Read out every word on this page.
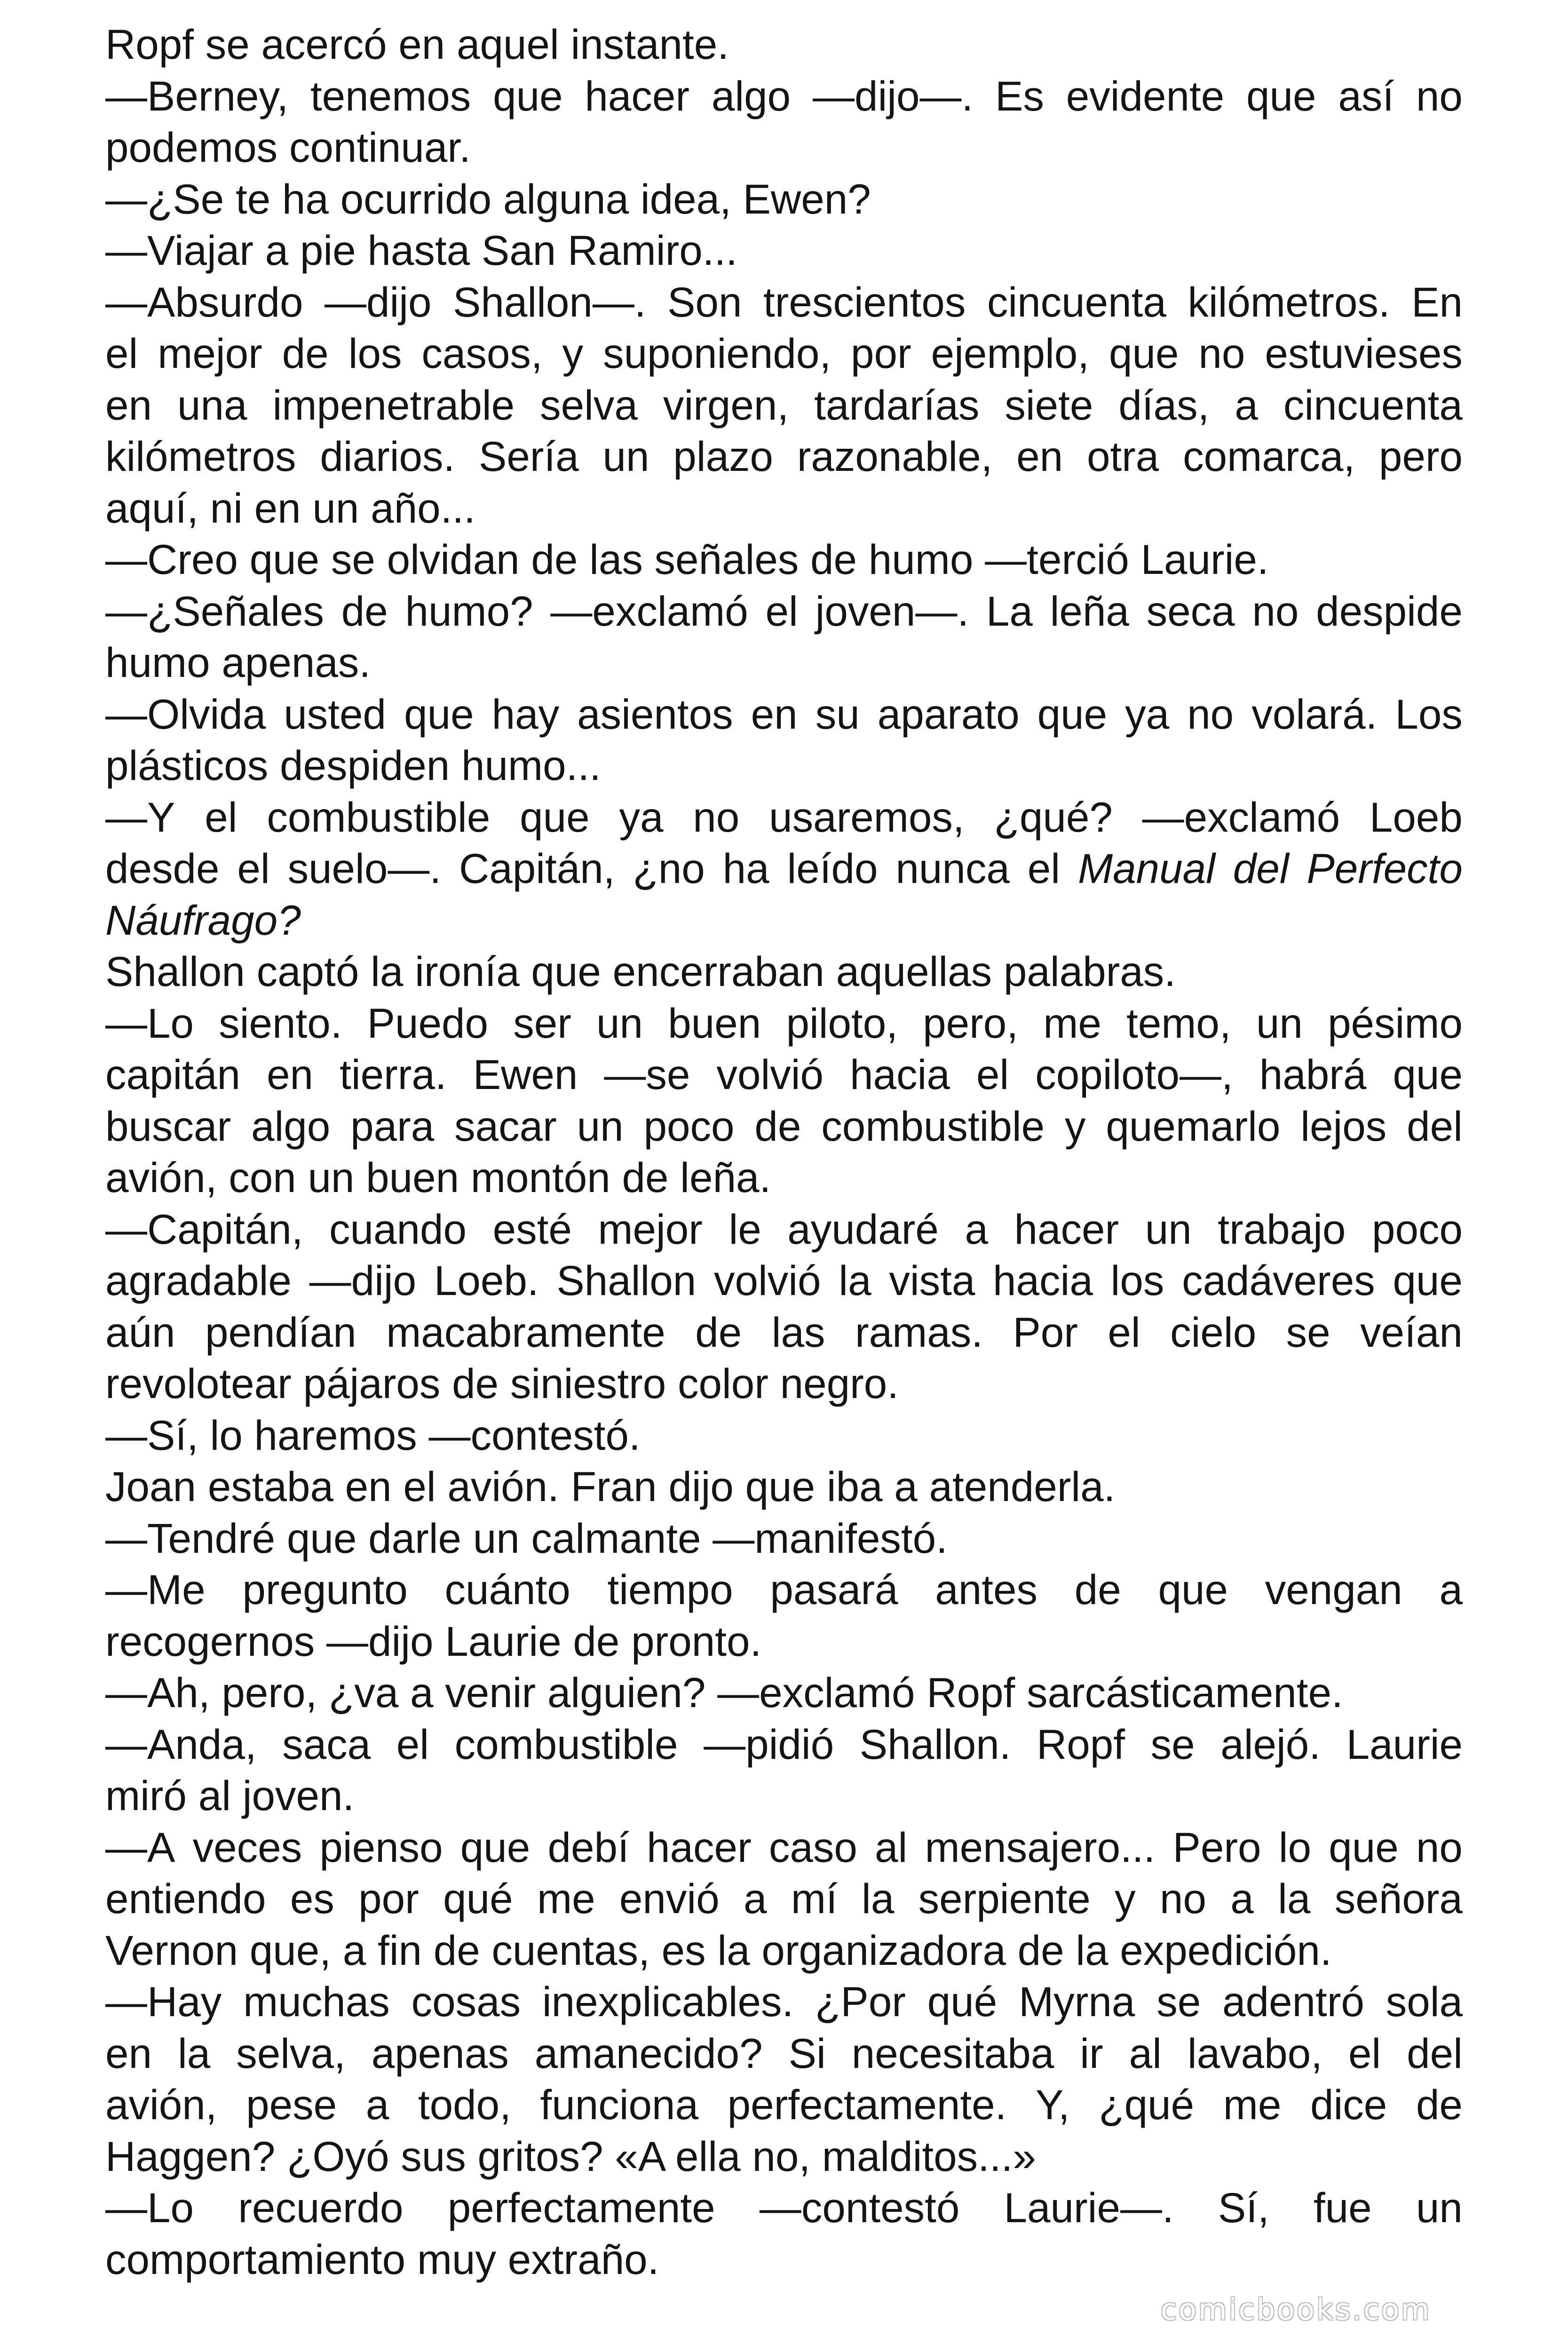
Ropf se acercó en aquel instante.
—Berney, tenemos que hacer algo —dijo—. Es evidente que así no
podemos continuar.
—¿Se te ha ocurrido alguna idea, Ewen?
—Viajar a pie hasta San Ramiro...
—Absurdo —dijo Shallon—. Son trescientos cincuenta kilómetros. En
el mejor de los casos, y suponiendo, por ejemplo, que no estuvieses
en una impenetrable selva virgen, tardarías siete días, a cincuenta
kilómetros diarios. Sería un plazo razonable, en otra comarca, pero
aquí, ni en un año...
—Creo que se olvidan de las señales de humo —terció Laurie.
—¿Señales de humo? —exclamó el joven—. La leña seca no despide
humo apenas.
—Olvida usted que hay asientos en su aparato que ya no volará. Los
plásticos despiden humo...
—Y el combustible que ya no usaremos, ¿qué? —exclamó Loeb
desde el suelo—. Capitán, ¿no ha leído nunca el Manual del Perfecto
Náufrago?
Shallon captó la ironía que encerraban aquellas palabras.
—Lo siento. Puedo ser un buen piloto, pero, me temo, un pésimo
capitán en tierra. Ewen —se volvió hacia el copiloto—, habrá que
buscar algo para sacar un poco de combustible y quemarlo lejos del
avión, con un buen montón de leña.
—Capitán, cuando esté mejor le ayudaré a hacer un trabajo poco
agradable —dijo Loeb. Shallon volvió la vista hacia los cadáveres que
aún pendían macabramente de las ramas. Por el cielo se veían
revolotear pájaros de siniestro color negro.
—Sí, lo haremos —contestó.
Joan estaba en el avión. Fran dijo que iba a atenderla.
—Tendré que darle un calmante —manifestó.
—Me pregunto cuánto tiempo pasará antes de que vengan a
recogernos —dijo Laurie de pronto.
—Ah, pero, ¿va a venir alguien? —exclamó Ropf sarcásticamente.
—Anda, saca el combustible —pidió Shallon. Ropf se alejó. Laurie
miró al joven.
—A veces pienso que debí hacer caso al mensajero... Pero lo que no
entiendo es por qué me envió a mí la serpiente y no a la señora
Vernon que, a fin de cuentas, es la organizadora de la expedición.
—Hay muchas cosas inexplicables. ¿Por qué Myrna se adentró sola
en la selva, apenas amanecido? Si necesitaba ir al lavabo, el del
avión, pese a todo, funciona perfectamente. Y, ¿qué me dice de
Haggen? ¿Oyó sus gritos? «A ella no, malditos...»
—Lo recuerdo perfectamente —contestó Laurie—. Sí, fue un
comportamiento muy extraño.
comicbooks.com
